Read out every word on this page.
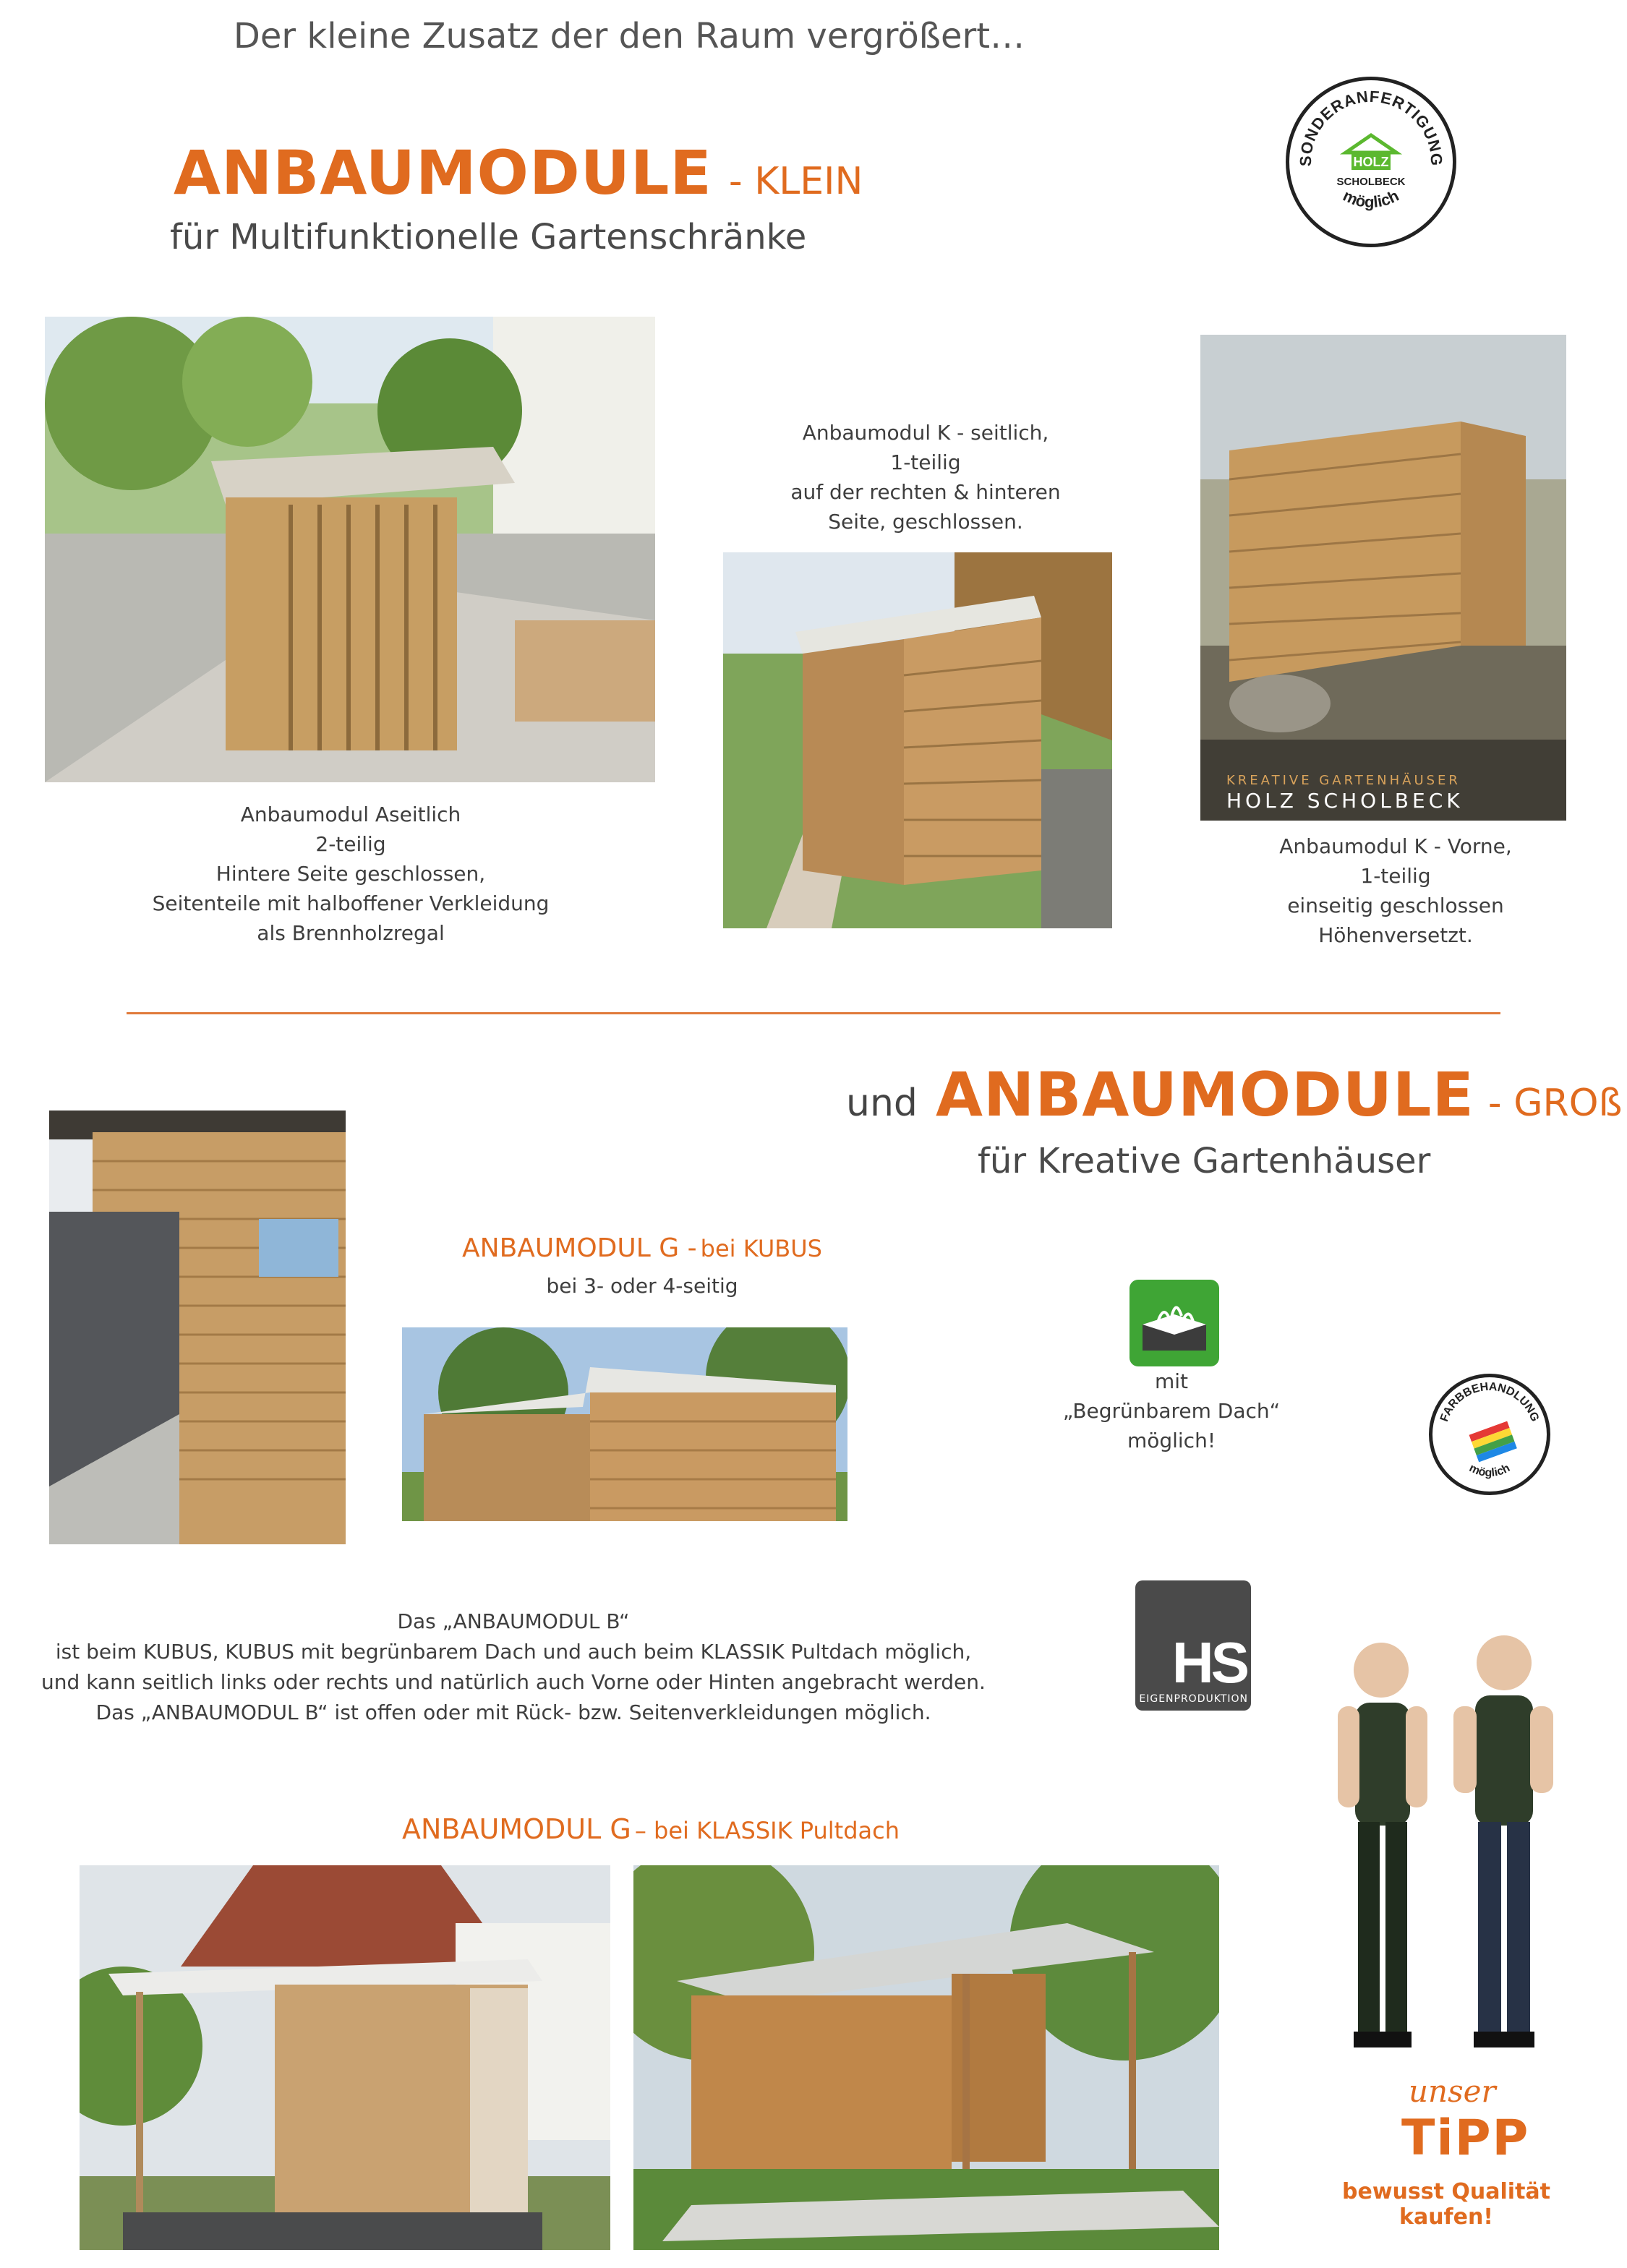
Der kleine Zusatz der den Raum vergrößert…
ANBAUMODULE - KLEIN
für Multifunktionelle Gartenschränke
SONDERANFERTIGUNG
möglich
HOLZ
SCHOLBECK
Anbaumodul Aseitlich
2-teilig
Hintere Seite geschlossen,
Seitenteile mit halboffener Verkleidung
als Brennholzregal
Anbaumodul K - seitlich,
1-teilig
auf der rechten & hinteren
Seite, geschlossen.
KREATIVE GARTENHÄUSER
HOLZ SCHOLBECK
Anbaumodul K - Vorne,
1-teilig
einseitig geschlossen
Höhenversetzt.
und ANBAUMODULE - GROß
für Kreative Gartenhäuser
ANBAUMODUL G - bei KUBUS
bei 3- oder 4-seitig
mit
„Begrünbarem Dach“
möglich!
FARBBEHANDLUNG
möglich
Das „ANBAUMODUL B“
ist beim KUBUS, KUBUS mit begrünbarem Dach und auch beim KLASSIK Pultdach möglich,
und kann seitlich links oder rechts und natürlich auch Vorne oder Hinten angebracht werden.
Das „ANBAUMODUL B“ ist offen oder mit Rück- bzw. Seitenverkleidungen möglich.
HS
EIGENPRODUKTION
ANBAUMODUL G – bei KLASSIK Pultdach
unser
TiPP
bewusst Qualität kaufen!
